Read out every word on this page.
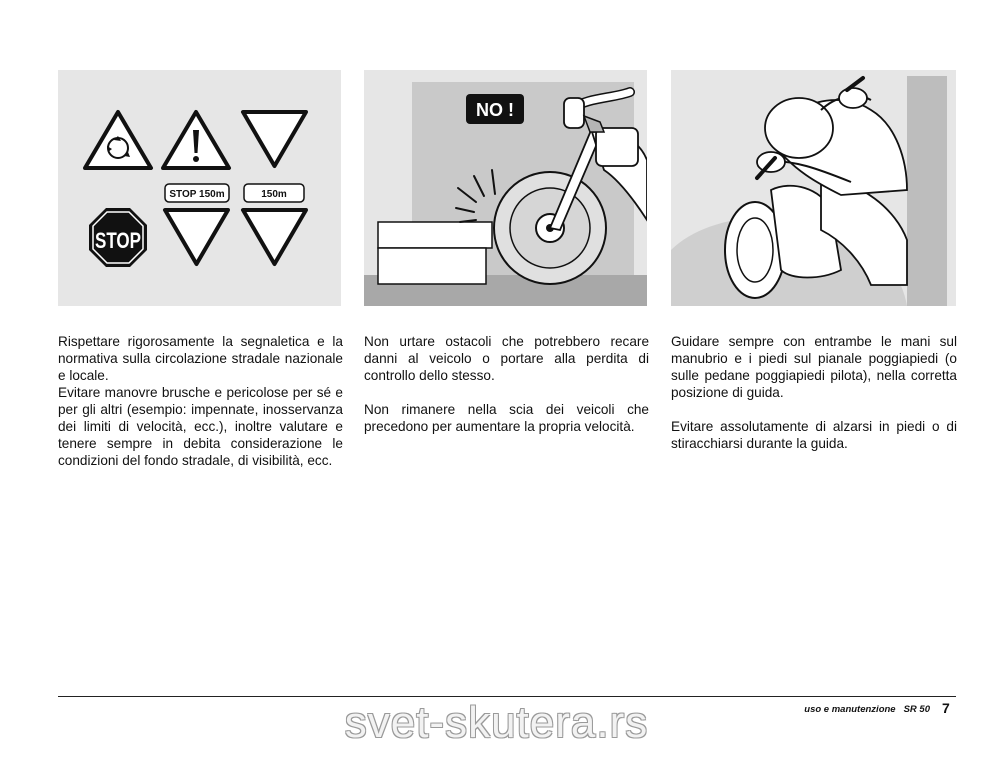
STOP 150m	150m
STOP
NO !

Rispettare rigorosamente la segnaletica e la normativa sulla circolazione stradale nazionale e locale.

Evitare manovre brusche e pericolose per sé e per gli altri (esempio: impennate, inosservanza dei limiti di velocità, ecc.), inoltre valutare e tenere sempre in debita considerazione le condizioni del fondo stradale, di visibilità, ecc.

Non urtare ostacoli che potrebbero recare danni al veicolo o portare alla perdita di controllo dello stesso.

Non rimanere nella scia dei veicoli che precedono per aumentare la propria velocità.

Guidare sempre con entrambe le mani sul manubrio e i piedi sul pianale poggiapiedi (o sulle pedane poggiapiedi pilota), nella corretta posizione di guida.

Evitare assolutamente di alzarsi in piedi o di stiracchiarsi durante la guida.

uso e manutenzione SR 50 7
svet-skutera.rs
